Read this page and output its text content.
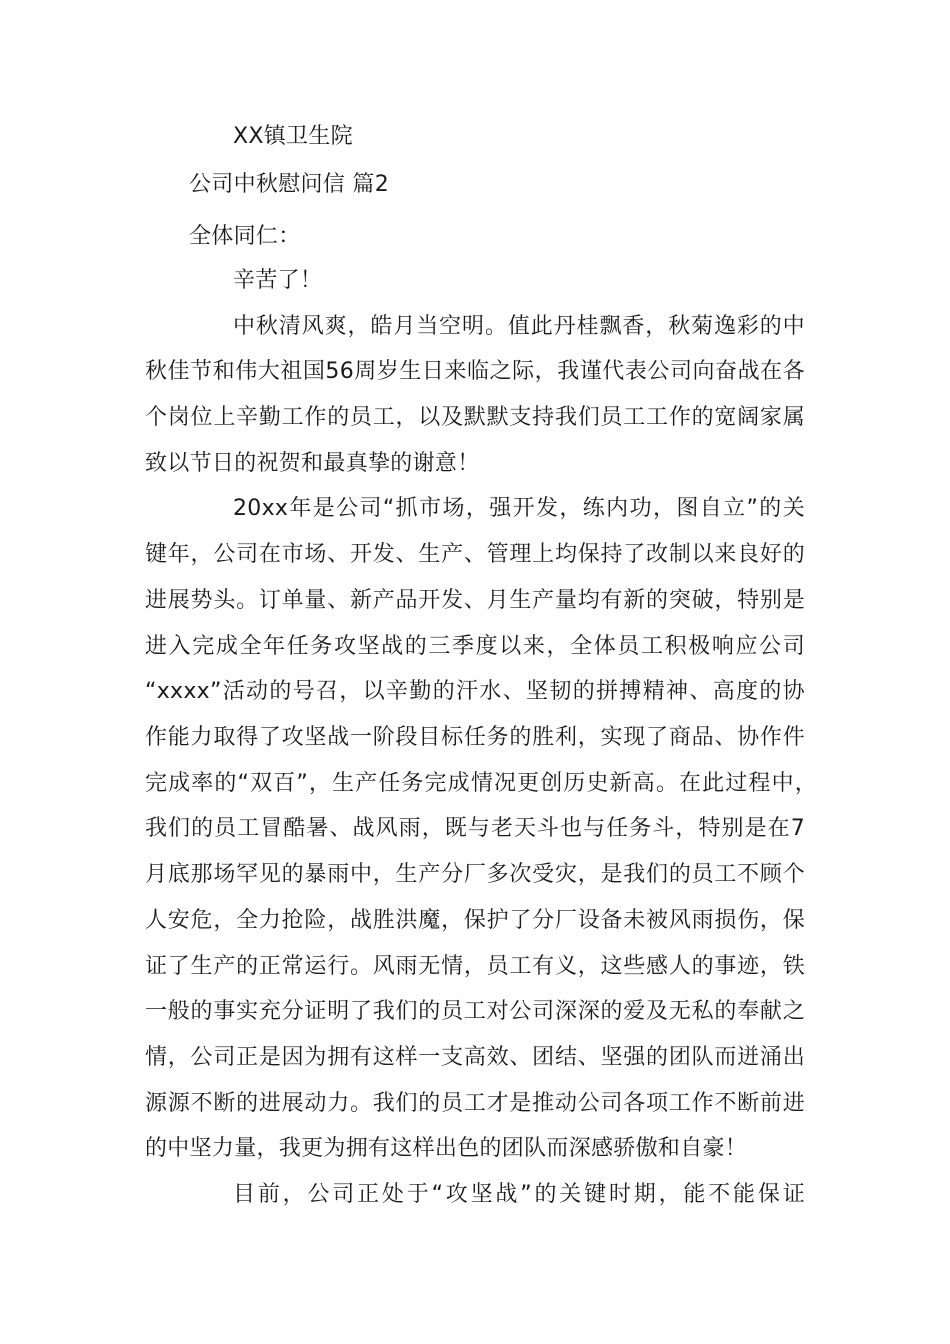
XX镇卫生院
公司中秋慰问信 篇2
全体同仁：
辛苦了！
中秋清风爽，皓月当空明。值此丹桂飘香，秋菊逸彩的中
秋佳节和伟大祖国56周岁生日来临之际，我谨代表公司向奋战在各
个岗位上辛勤工作的员工，以及默默支持我们员工工作的宽阔家属
致以节日的祝贺和最真挚的谢意！
20xx年是公司“抓市场，强开发，练内功，图自立”的关
键年，公司在市场、开发、生产、管理上均保持了改制以来良好的
进展势头。订单量、新产品开发、月生产量均有新的突破，特别是
进入完成全年任务攻坚战的三季度以来，全体员工积极响应公司
“xxxx”活动的号召，以辛勤的汗水、坚韧的拼搏精神、高度的协
作能力取得了攻坚战一阶段目标任务的胜利，实现了商品、协作件
完成率的“双百”，生产任务完成情况更创历史新高。在此过程中，
我们的员工冒酷暑、战风雨，既与老天斗也与任务斗，特别是在7
月底那场罕见的暴雨中，生产分厂多次受灾，是我们的员工不顾个
人安危，全力抢险，战胜洪魔，保护了分厂设备未被风雨损伤，保
证了生产的正常运行。风雨无情，员工有义，这些感人的事迹，铁
一般的事实充分证明了我们的员工对公司深深的爱及无私的奉献之
情，公司正是因为拥有这样一支高效、团结、坚强的团队而迸涌出
源源不断的进展动力。我们的员工才是推动公司各项工作不断前进
的中坚力量，我更为拥有这样出色的团队而深感骄傲和自豪！
目前，公司正处于“攻坚战”的关键时期，能不能保证
